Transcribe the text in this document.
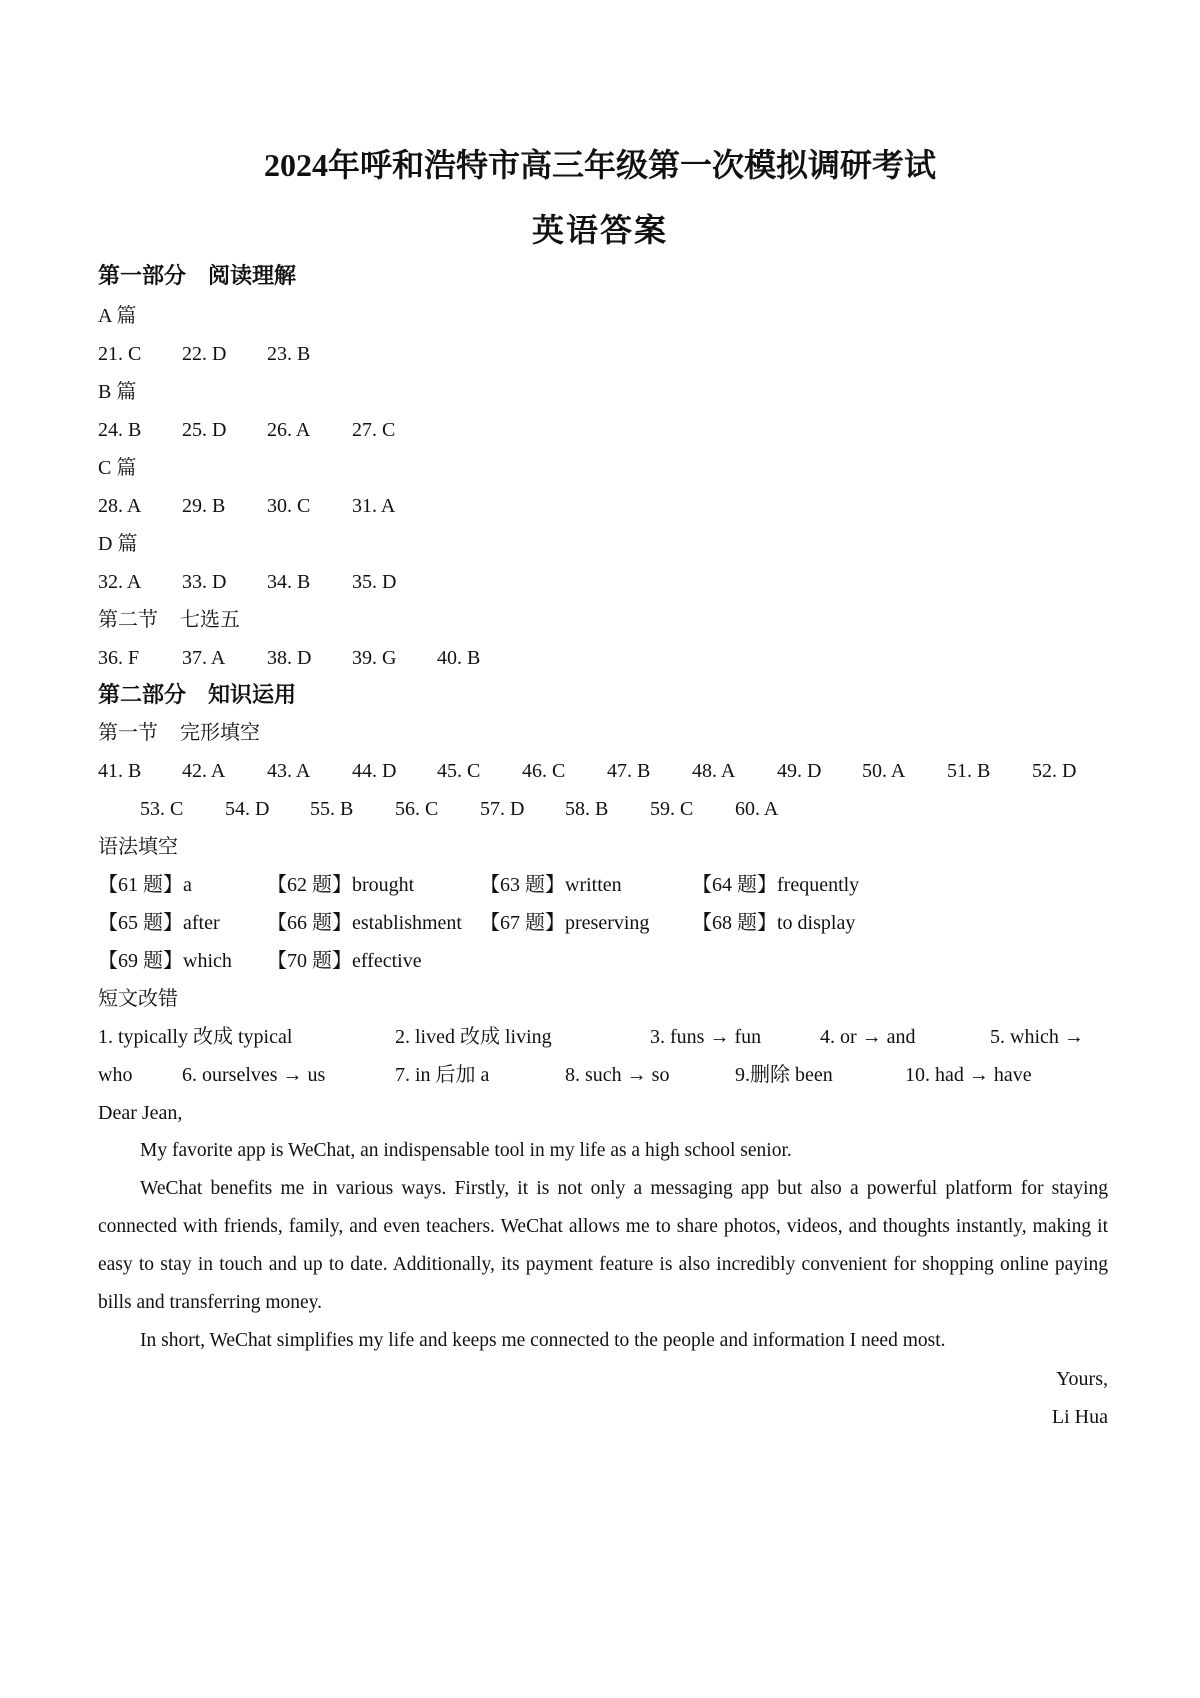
2024年呼和浩特市高三年级第一次模拟调研考试
英语答案
第一部分 阅读理解
A 篇
21. C 22. D 23. B
B 篇
24. B 25. D 26. A 27. C
C 篇
28. A 29. B 30. C 31. A
D 篇
32. A 33. D 34. B 35. D
第二节 七选五
36. F 37. A 38. D 39. G 40. B
第二部分 知识运用
第一节 完形填空
41. B 42. A 43. A 44. D 45. C 46. C 47. B 48. A 49. D 50. A 51. B 52. D
53. C 54. D 55. B 56. C 57. D 58. B 59. C 60. A
语法填空
【61 题】a	【62 题】brought	【63 题】written	【64 题】frequently
【65 题】after 【66 题】establishment 【67 题】preserving 【68 题】to display
【69 题】which 【70 题】effective
短文改错
1. typically 改成 typical	2. lived 改成 living	3. funs → fun	4. or → and	5. which →
who 6. ourselves → us	7. in 后加 a	8. such → so	9.删除 been	10. had → have
Dear Jean,
My favorite app is WeChat, an indispensable tool in my life as a high school senior.
WeChat benefits me in various ways. Firstly, it is not only a messaging app but also a powerful platform for staying connected with friends, family, and even teachers. WeChat allows me to share photos, videos, and thoughts instantly, making it easy to stay in touch and up to date. Additionally, its payment feature is also incredibly convenient for shopping online paying bills and transferring money.
In short, WeChat simplifies my life and keeps me connected to the people and information I need most.
Yours,
Li Hua
